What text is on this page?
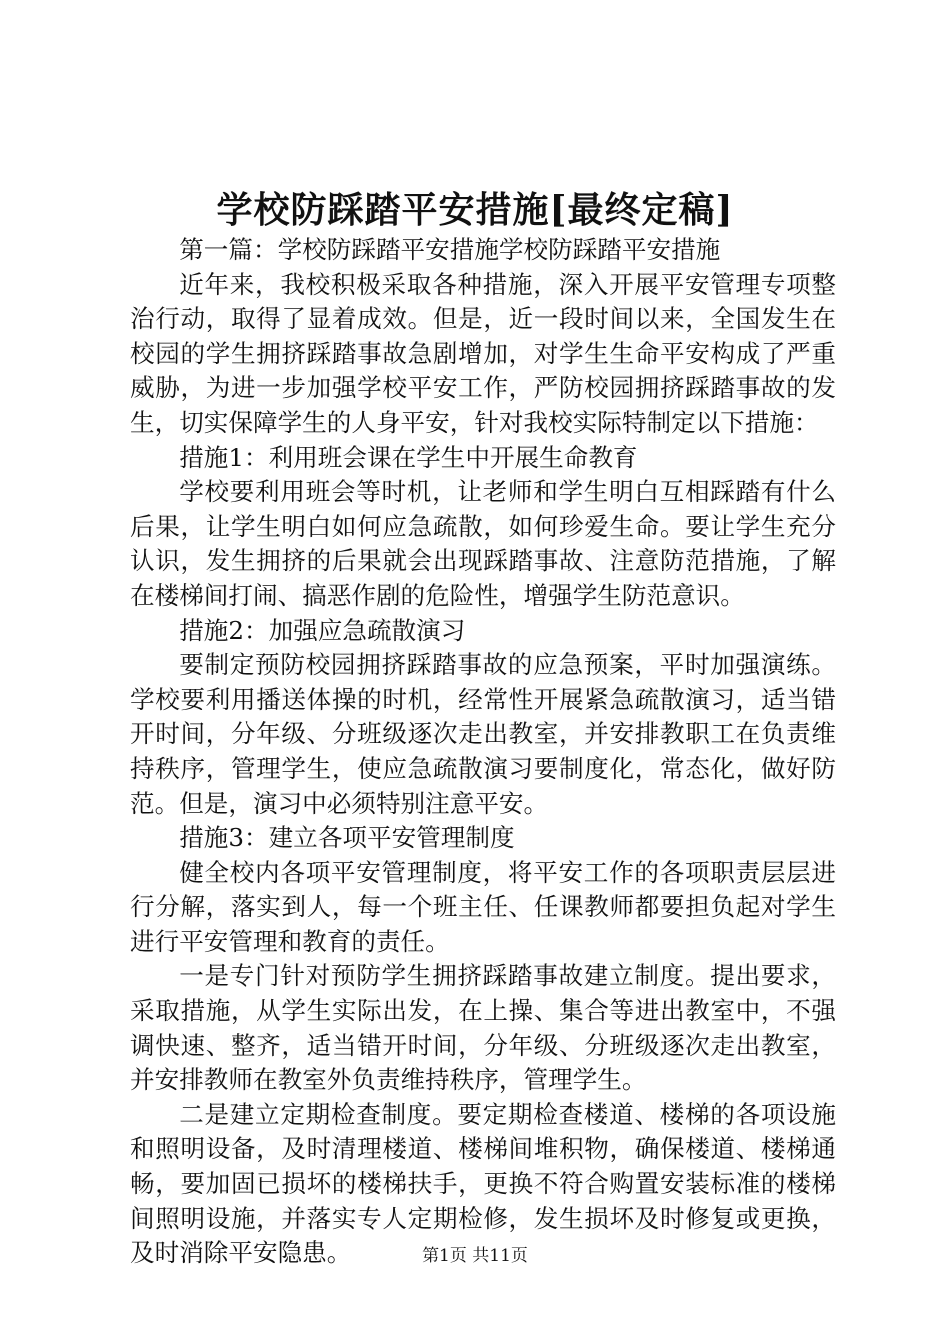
学校防踩踏平安措施[最终定稿]

第一篇：学校防踩踏平安措施学校防踩踏平安措施

近年来，我校积极采取各种措施，深入开展平安管理专项整治行动，取得了显着成效。但是，近一段时间以来，全国发生在校园的学生拥挤踩踏事故急剧增加，对学生生命平安构成了严重威胁，为进一步加强学校平安工作，严防校园拥挤踩踏事故的发生，切实保障学生的人身平安，针对我校实际特制定以下措施：

措施1：利用班会课在学生中开展生命教育

学校要利用班会等时机，让老师和学生明白互相踩踏有什么后果，让学生明白如何应急疏散，如何珍爱生命。要让学生充分认识，发生拥挤的后果就会出现踩踏事故、注意防范措施，了解在楼梯间打闹、搞恶作剧的危险性，增强学生防范意识。

措施2：加强应急疏散演习

要制定预防校园拥挤踩踏事故的应急预案，平时加强演练。学校要利用播送体操的时机，经常性开展紧急疏散演习，适当错开时间，分年级、分班级逐次走出教室，并安排教职工在负责维持秩序，管理学生，使应急疏散演习要制度化，常态化，做好防范。但是，演习中必须特别注意平安。

措施3：建立各项平安管理制度

健全校内各项平安管理制度，将平安工作的各项职责层层进行分解，落实到人，每一个班主任、任课教师都要担负起对学生进行平安管理和教育的责任。

一是专门针对预防学生拥挤踩踏事故建立制度。提出要求，采取措施，从学生实际出发，在上操、集合等进出教室中，不强调快速、整齐，适当错开时间，分年级、分班级逐次走出教室，并安排教师在教室外负责维持秩序，管理学生。

二是建立定期检查制度。要定期检查楼道、楼梯的各项设施和照明设备，及时清理楼道、楼梯间堆积物，确保楼道、楼梯通畅，要加固已损坏的楼梯扶手，更换不符合购置安装标准的楼梯间照明设施，并落实专人定期检修，发生损坏及时修复或更换，及时消除平安隐患。	第1页 共11页
